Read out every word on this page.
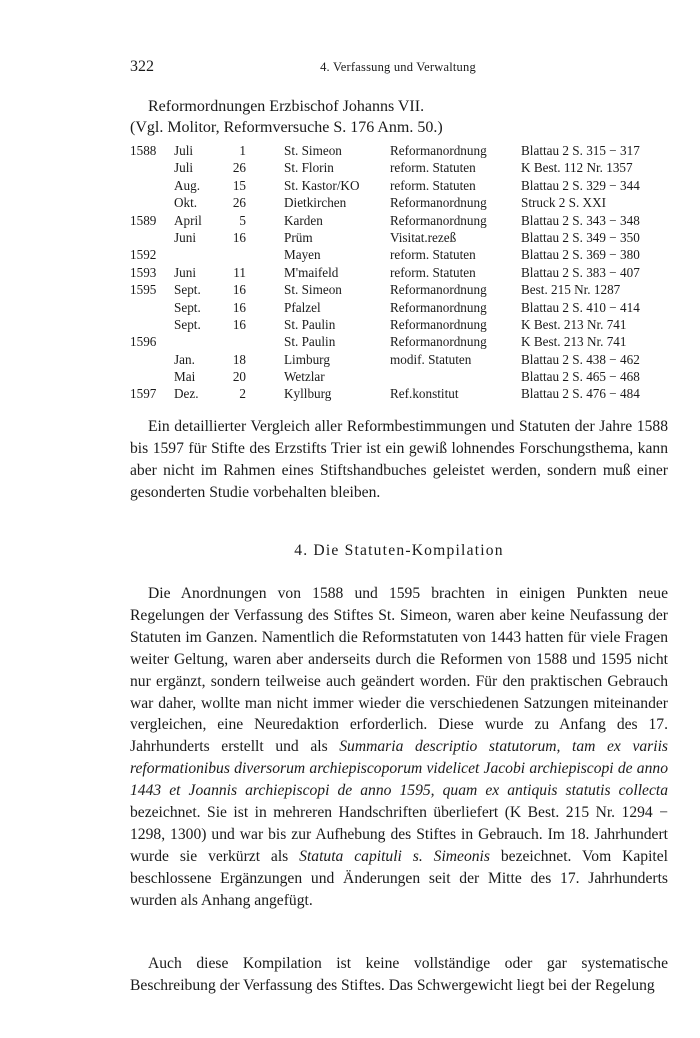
322	4. Verfassung und Verwaltung
Reformordnungen Erzbischof Johanns VII.
(Vgl. Molitor, Reformversuche S. 176 Anm. 50.)
1588	Juli	1		St. Simeon	Reformanordnung	Blattau 2 S. 315 − 317
	Juli	26		St. Florin	reform. Statuten	K Best. 112 Nr. 1357
	Aug.	15		St. Kastor/KO	reform. Statuten	Blattau 2 S. 329 − 344
	Okt.	26		Dietkirchen	Reformanordnung	Struck 2 S. XXI
1589	April	5		Karden	Reformanordnung	Blattau 2 S. 343 − 348
	Juni	16		Prüm	Visitat.rezeß	Blattau 2 S. 349 − 350
1592				Mayen	reform. Statuten	Blattau 2 S. 369 − 380
1593	Juni	11		M'maifeld	reform. Statuten	Blattau 2 S. 383 − 407
1595	Sept.	16		St. Simeon	Reformanordnung	Best. 215 Nr. 1287
	Sept.	16		Pfalzel	Reformanordnung	Blattau 2 S. 410 − 414
	Sept.	16		St. Paulin	Reformanordnung	K Best. 213 Nr. 741
1596				St. Paulin	Reformanordnung	K Best. 213 Nr. 741
	Jan.	18		Limburg	modif. Statuten	Blattau 2 S. 438 − 462
	Mai	20		Wetzlar		Blattau 2 S. 465 − 468
1597	Dez.	2		Kyllburg	Ref.konstitut	Blattau 2 S. 476 − 484

Ein detaillierter Vergleich aller Reformbestimmungen und Statuten der Jahre 1588 bis 1597 für Stifte des Erzstifts Trier ist ein gewiß lohnendes Forschungsthema, kann aber nicht im Rahmen eines Stiftshandbuches geleistet werden, sondern muß einer gesonderten Studie vorbehalten bleiben.

4. Die Statuten-Kompilation

Die Anordnungen von 1588 und 1595 brachten in einigen Punkten neue Regelungen der Verfassung des Stiftes St. Simeon, waren aber keine Neufassung der Statuten im Ganzen. Namentlich die Reformstatuten von 1443 hatten für viele Fragen weiter Geltung, waren aber anderseits durch die Reformen von 1588 und 1595 nicht nur ergänzt, sondern teilweise auch geändert worden. Für den praktischen Gebrauch war daher, wollte man nicht immer wieder die verschiedenen Satzungen miteinander vergleichen, eine Neuredaktion erforderlich. Diese wurde zu Anfang des 17. Jahrhunderts erstellt und als Summaria descriptio statutorum, tam ex variis reformationibus diversorum archiepiscoporum videlicet Jacobi archiepiscopi de anno 1443 et Joannis archiepiscopi de anno 1595, quam ex antiquis statutis collecta bezeichnet. Sie ist in mehreren Handschriften überliefert (K Best. 215 Nr. 1294 − 1298, 1300) und war bis zur Aufhebung des Stiftes in Gebrauch. Im 18. Jahrhundert wurde sie verkürzt als Statuta capituli s. Simeonis bezeichnet. Vom Kapitel beschlossene Ergänzungen und Änderungen seit der Mitte des 17. Jahrhunderts wurden als Anhang angefügt.

Auch diese Kompilation ist keine vollständige oder gar systematische Beschreibung der Verfassung des Stiftes. Das Schwergewicht liegt bei der Regelung
